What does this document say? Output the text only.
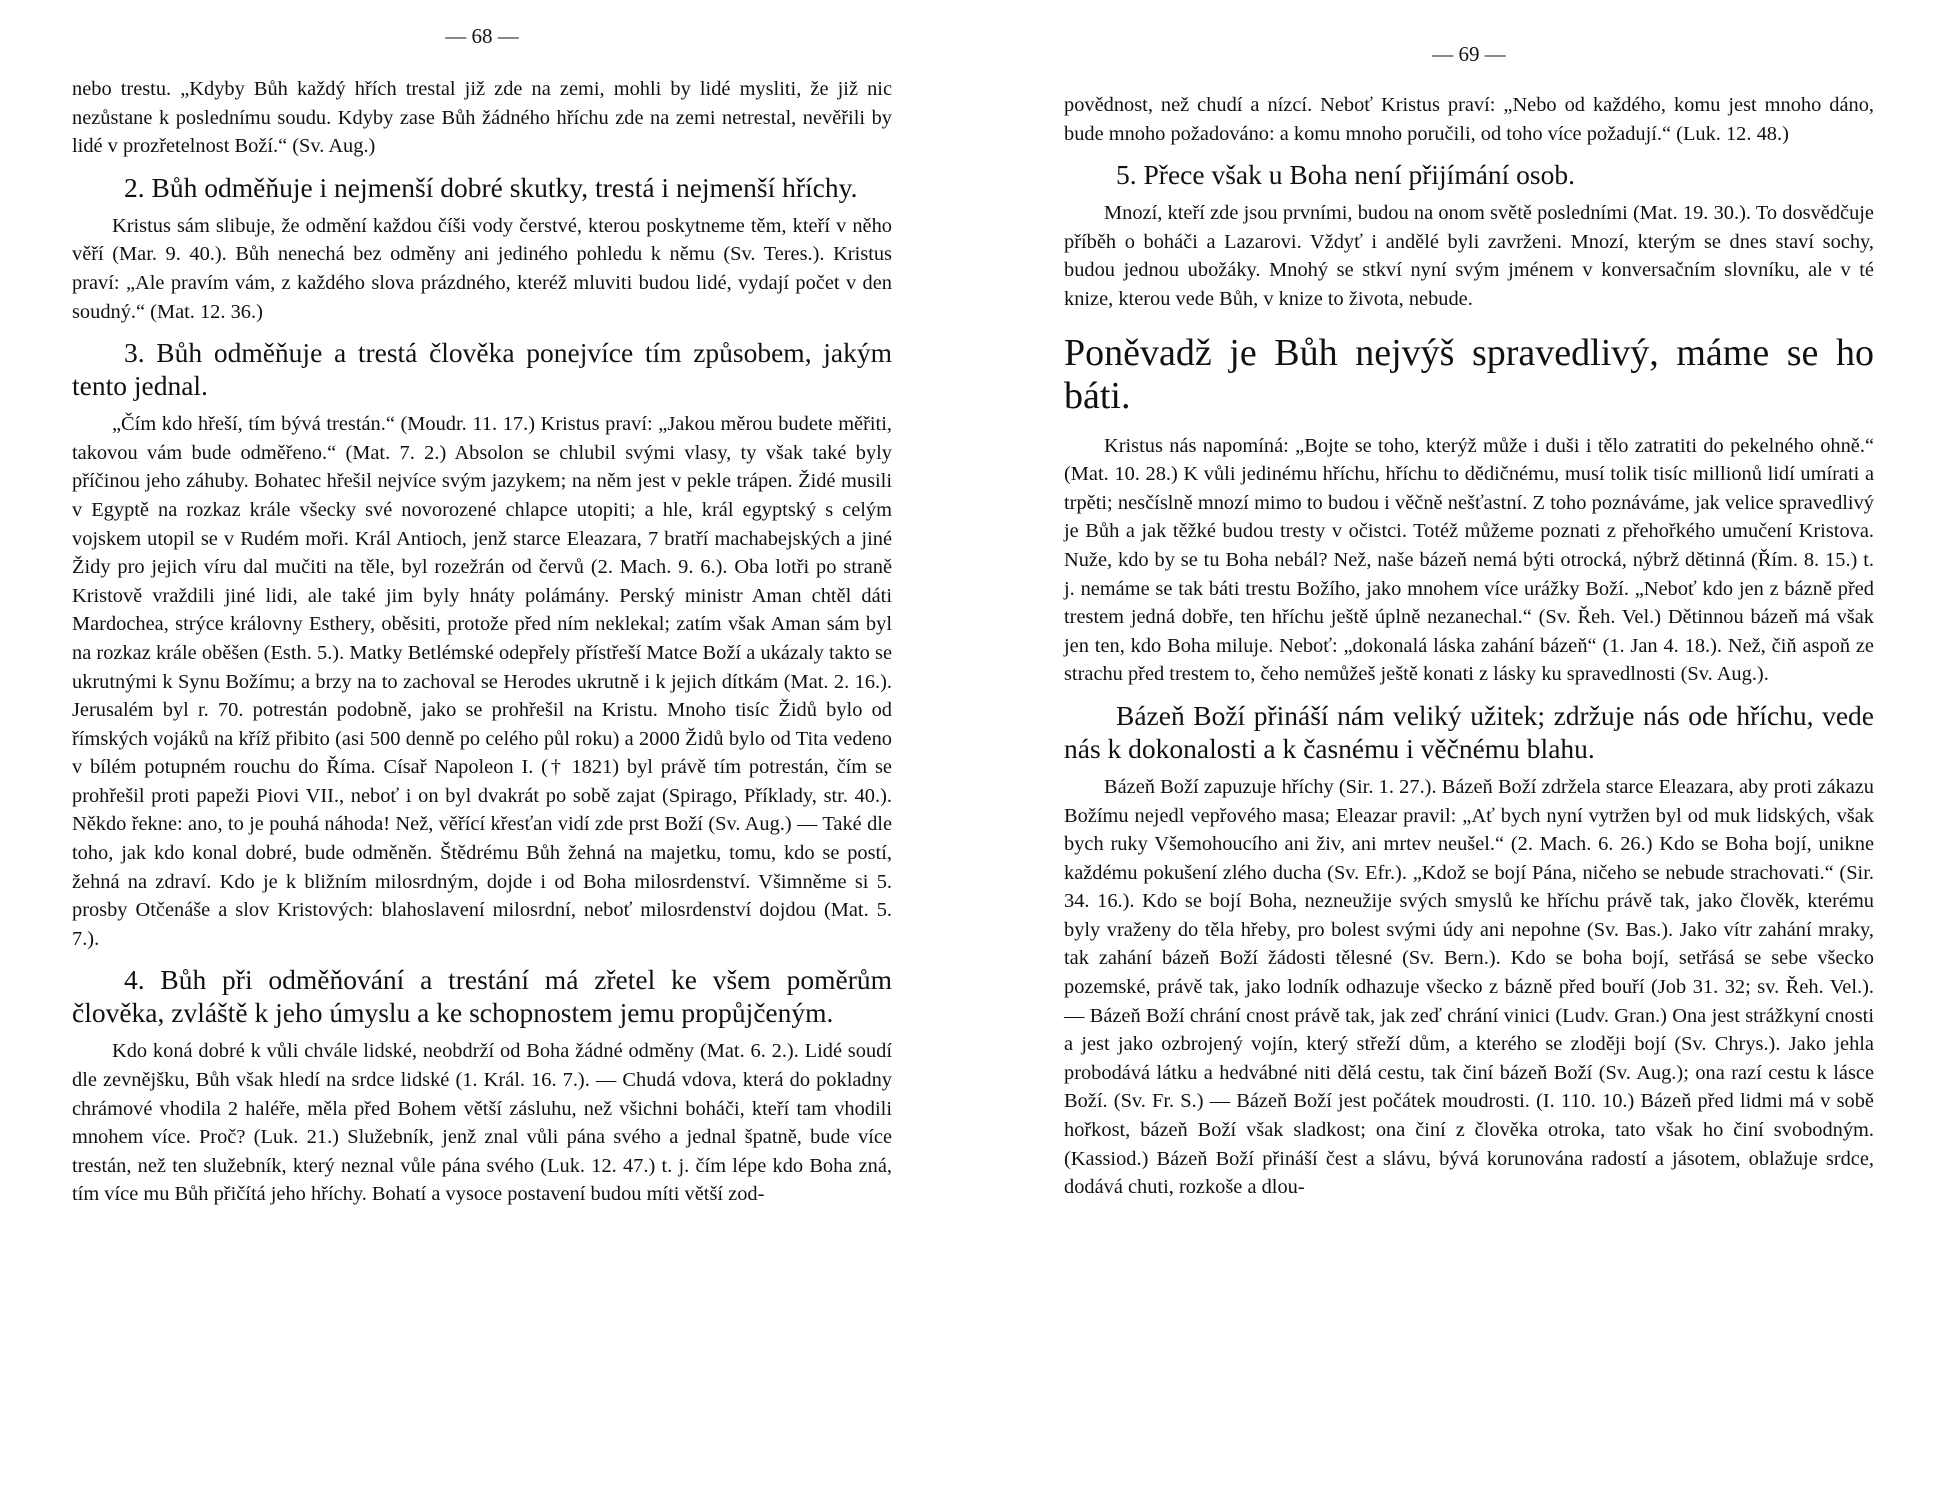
— 68 —

nebo trestu. „Kdyby Bůh každý hřích trestal již zde na zemi, mohli by lidé mysliti, že již nic nezůstane k poslednímu soudu. Kdyby zase Bůh žádného hříchu zde na zemi netrestal, nevěřili by lidé v prozřetelnost Boží.“ (Sv. Aug.)

2. Bůh odměňuje i nejmenší dobré skutky, trestá i nejmenší hříchy.

Kristus sám slibuje, že odmění každou číši vody čerstvé, kterou poskytneme těm, kteří v něho věří (Mar. 9. 40.). Bůh nenechá bez odměny ani jediného pohledu k němu (Sv. Teres.). Kristus praví: „Ale pravím vám, z každého slova prázdného, kteréž mluviti budou lidé, vydají počet v den soudný.“ (Mat. 12. 36.)

3. Bůh odměňuje a trestá člověka ponejvíce tím způsobem, jakým tento jednal.

„Čím kdo hřeší, tím bývá trestán.“ (Moudr. 11. 17.) Kristus praví: „Jakou měrou budete měřiti, takovou vám bude odměřeno.“ (Mat. 7. 2.) Absolon se chlubil svými vlasy, ty však také byly příčinou jeho záhuby. Bohatec hřešil nejvíce svým jazykem; na něm jest v pekle trápen. Židé musili v Egyptě na rozkaz krále všecky své novorozené chlapce utopiti; a hle, král egyptský s celým vojskem utopil se v Rudém moři. Král Antioch, jenž starce Eleazara, 7 bratří machabejských a jiné Židy pro jejich víru dal mučiti na těle, byl rozežrán od červů (2. Mach. 9. 6.). Oba lotři po straně Kristově vraždili jiné lidi, ale také jim byly hnáty polámány. Perský ministr Aman chtěl dáti Mardochea, strýce královny Esthery, oběsiti, protože před ním neklekal; zatím však Aman sám byl na rozkaz krále oběšen (Esth. 5.). Matky Betlémské odepřely přístřeší Matce Boží a ukázaly takto se ukrutnými k Synu Božímu; a brzy na to zachoval se Herodes ukrutně i k jejich dítkám (Mat. 2. 16.). Jerusalém byl r. 70. potrestán podobně, jako se prohřešil na Kristu. Mnoho tisíc Židů bylo od římských vojáků na kříž přibito (asi 500 denně po celého půl roku) a 2000 Židů bylo od Tita vedeno v bílém potupném rouchu do Říma. Císař Napoleon I. († 1821) byl právě tím potrestán, čím se prohřešil proti papeži Piovi VII., neboť i on byl dvakrát po sobě zajat (Spirago, Příklady, str. 40.). Někdo řekne: ano, to je pouhá náhoda! Než, věřící křesťan vidí zde prst Boží (Sv. Aug.) — Také dle toho, jak kdo konal dobré, bude odměněn. Štědrému Bůh žehná na majetku, tomu, kdo se postí, žehná na zdraví. Kdo je k bližním milosrdným, dojde i od Boha milosrdenství. Všimněme si 5. prosby Otčenáše a slov Kristových: blahoslavení milosrdní, neboť milosrdenství dojdou (Mat. 5. 7.).

4. Bůh při odměňování a trestání má zřetel ke všem poměrům člověka, zvláště k jeho úmyslu a ke schopnostem jemu propůjčeným.

Kdo koná dobré k vůli chvále lidské, neobdrží od Boha žádné odměny (Mat. 6. 2.). Lidé soudí dle zevnějšku, Bůh však hledí na srdce lidské (1. Král. 16. 7.). — Chudá vdova, která do pokladny chrámové vhodila 2 haléře, měla před Bohem větší zásluhu, než všichni boháči, kteří tam vhodili mnohem více. Proč? (Luk. 21.) Služebník, jenž znal vůli pána svého a jednal špatně, bude více trestán, než ten služebník, který neznal vůle pána svého (Luk. 12. 47.) t. j. čím lépe kdo Boha zná, tím více mu Bůh přičítá jeho hříchy. Bohatí a vysoce postavení budou míti větší zod-

— 69 —

povědnost, než chudí a nízcí. Neboť Kristus praví: „Nebo od každého, komu jest mnoho dáno, bude mnoho požadováno: a komu mnoho poručili, od toho více požadují.“ (Luk. 12. 48.)

5. Přece však u Boha není přijímání osob.

Mnozí, kteří zde jsou prvními, budou na onom světě posledními (Mat. 19. 30.). To dosvědčuje příběh o boháči a Lazarovi. Vždyť i andělé byli zavrženi. Mnozí, kterým se dnes staví sochy, budou jednou ubožáky. Mnohý se stkví nyní svým jménem v konversačním slovníku, ale v té knize, kterou vede Bůh, v knize to života, nebude.

Poněvadž je Bůh nejvýš spravedlivý, máme se ho báti.

Kristus nás napomíná: „Bojte se toho, kterýž může i duši i tělo zatratiti do pekelného ohně.“ (Mat. 10. 28.) K vůli jedinému hříchu, hříchu to dědičnému, musí tolik tisíc millionů lidí umírati a trpěti; nesčíslně mnozí mimo to budou i věčně nešťastní. Z toho poznáváme, jak velice spravedlivý je Bůh a jak těžké budou tresty v očistci. Totéž můžeme poznati z přehořkého umučení Kristova. Nuže, kdo by se tu Boha nebál? Než, naše bázeň nemá býti otrocká, nýbrž dětinná (Řím. 8. 15.) t. j. nemáme se tak báti trestu Božího, jako mnohem více urážky Boží. „Neboť kdo jen z bázně před trestem jedná dobře, ten hříchu ještě úplně nezanechal.“ (Sv. Řeh. Vel.) Dětinnou bázeň má však jen ten, kdo Boha miluje. Neboť: „dokonalá láska zahání bázeň“ (1. Jan 4. 18.). Než, čiň aspoň ze strachu před trestem to, čeho nemůžeš ještě konati z lásky ku spravedlnosti (Sv. Aug.).

Bázeň Boží přináší nám veliký užitek; zdržuje nás ode hříchu, vede nás k dokonalosti a k časnému i věčnému blahu.

Bázeň Boží zapuzuje hříchy (Sir. 1. 27.). Bázeň Boží zdržela starce Eleazara, aby proti zákazu Božímu nejedl vepřového masa; Eleazar pravil: „Ať bych nyní vytržen byl od muk lidských, však bych ruky Všemohoucího ani živ, ani mrtev neušel.“ (2. Mach. 6. 26.) Kdo se Boha bojí, unikne každému pokušení zlého ducha (Sv. Efr.). „Kdož se bojí Pána, ničeho se nebude strachovati.“ (Sir. 34. 16.). Kdo se bojí Boha, nezneužije svých smyslů ke hříchu právě tak, jako člověk, kterému byly vraženy do těla hřeby, pro bolest svými údy ani nepohne (Sv. Bas.). Jako vítr zahání mraky, tak zahání bázeň Boží žádosti tělesné (Sv. Bern.). Kdo se boha bojí, setřásá se sebe všecko pozemské, právě tak, jako lodník odhazuje všecko z bázně před bouří (Job 31. 32; sv. Řeh. Vel.). — Bázeň Boží chrání cnost právě tak, jak zeď chrání vinici (Ludv. Gran.) Ona jest strážkyní cnosti a jest jako ozbrojený vojín, který střeží dům, a kterého se zloději bojí (Sv. Chrys.). Jako jehla probodává látku a hedvábné niti dělá cestu, tak činí bázeň Boží (Sv. Aug.); ona razí cestu k lásce Boží. (Sv. Fr. S.) — Bázeň Boží jest počátek moudrosti. (I. 110. 10.) Bázeň před lidmi má v sobě hořkost, bázeň Boží však sladkost; ona činí z člověka otroka, tato však ho činí svobodným. (Kassiod.) Bázeň Boží přináší čest a slávu, bývá korunována radostí a jásotem, oblažuje srdce, dodává chuti, rozkoše a dlou-
